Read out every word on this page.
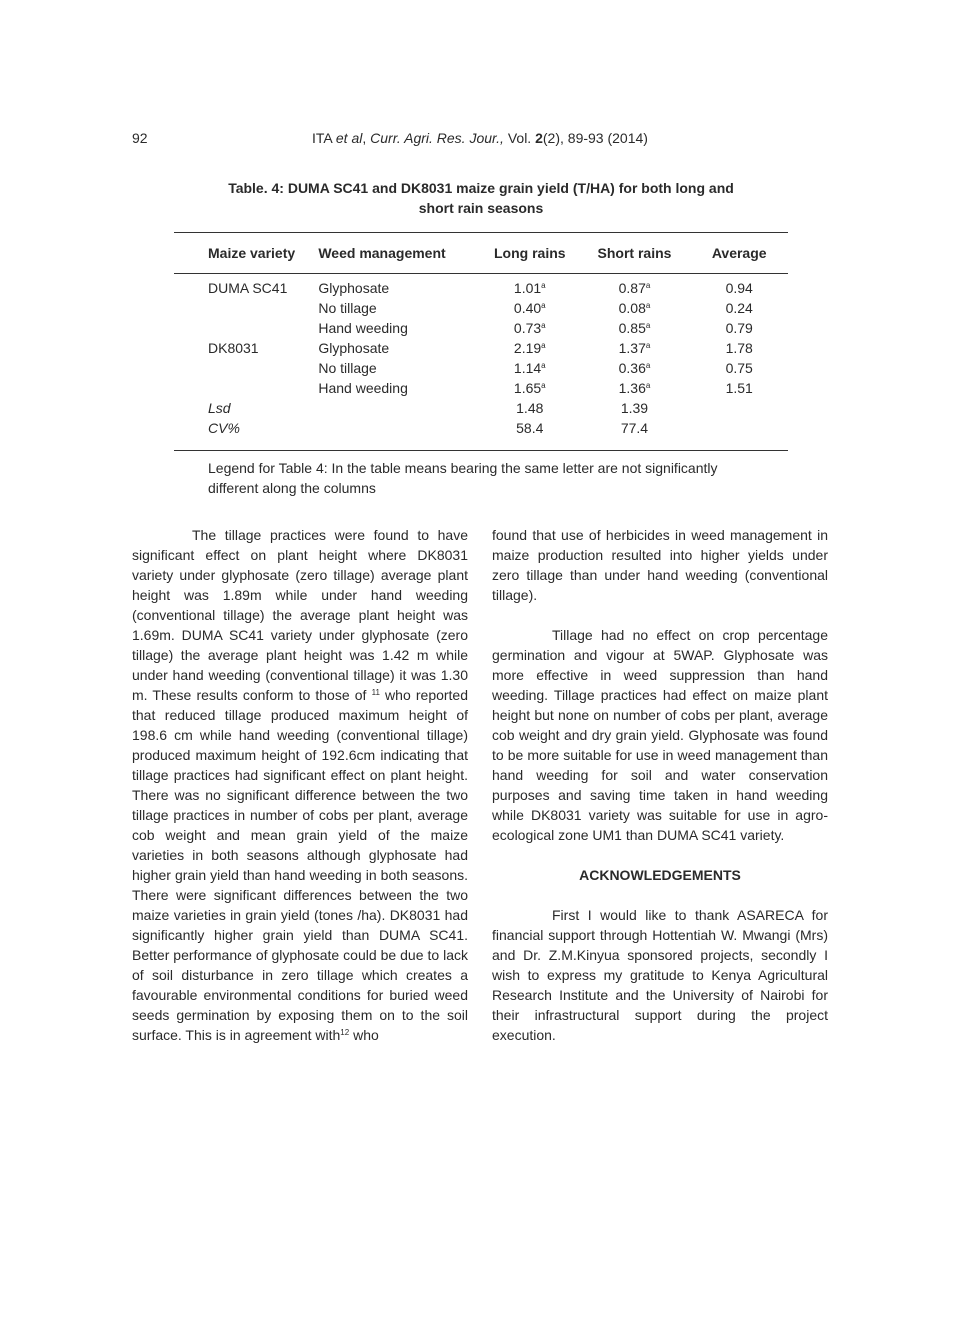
92	ITA et al, Curr. Agri. Res. Jour., Vol. 2(2), 89-93 (2014)
Table. 4: DUMA SC41 and DK8031 maize grain yield (T/HA) for both long and
short rain seasons
Maize variety	Weed management	Long rains	Short rains	Average

DUMA SC41	Glyphosate	1.01$^a$	0.87$^a$	0.94
	No tillage	0.40$^a$	0.08$^a$	0.24
	Hand weeding	0.73$^a$	0.85$^a$	0.79
DK8031	Glyphosate	2.19$^a$	1.37$^a$	1.78
	No tillage	1.14$^a$	0.36$^a$	0.75
	Hand weeding	1.65$^a$	1.36$^a$	1.51
Lsd		1.48	1.39	
CV%		58.4	77.4	

Legend for Table 4: In the table means bearing the same letter are not significantly
different along the columns

The tillage practices were found to have significant effect on plant height where DK8031 variety under glyphosate (zero tillage) average plant height was 1.89m while under hand weeding (conventional tillage) the average plant height was 1.69m. DUMA SC41 variety under glyphosate (zero tillage) the average plant height was 1.42 m while under hand weeding (conventional tillage) it was 1.30 m. These results conform to those of $^{11}$ who reported that reduced tillage produced maximum height of 198.6 cm while hand weeding (conventional tillage) produced maximum height of 192.6cm indicating that tillage practices had significant effect on plant height. There was no significant difference between the two tillage practices in number of cobs per plant, average cob weight and mean grain yield of the maize varieties in both seasons although glyphosate had higher grain yield than hand weeding in both seasons. There were significant differences between the two maize varieties in grain yield (tones /ha). DK8031 had significantly higher grain yield than DUMA SC41. Better performance of glyphosate could be due to lack of soil disturbance in zero tillage which creates a favourable environmental conditions for buried weed seeds germination by exposing them on to the soil surface. This is in agreement with$^{12}$ who

found that use of herbicides in weed management in maize production resulted into higher yields under zero tillage than under hand weeding (conventional tillage).

Tillage had no effect on crop percentage germination and vigour at 5WAP. Glyphosate was more effective in weed suppression than hand weeding. Tillage practices had effect on maize plant height but none on number of cobs per plant, average cob weight and dry grain yield. Glyphosate was found to be more suitable for use in weed management than hand weeding for soil and water conservation purposes and saving time taken in hand weeding while DK8031 variety was suitable for use in agro-ecological zone UM1 than DUMA SC41 variety.

ACKNOWLEDGEMENTS

First I would like to thank ASARECA for financial support through Hottentiah W. Mwangi (Mrs) and Dr. Z.M.Kinyua sponsored projects, secondly I wish to express my gratitude to Kenya Agricultural Research Institute and the University of Nairobi for their infrastructural support during the project execution.
